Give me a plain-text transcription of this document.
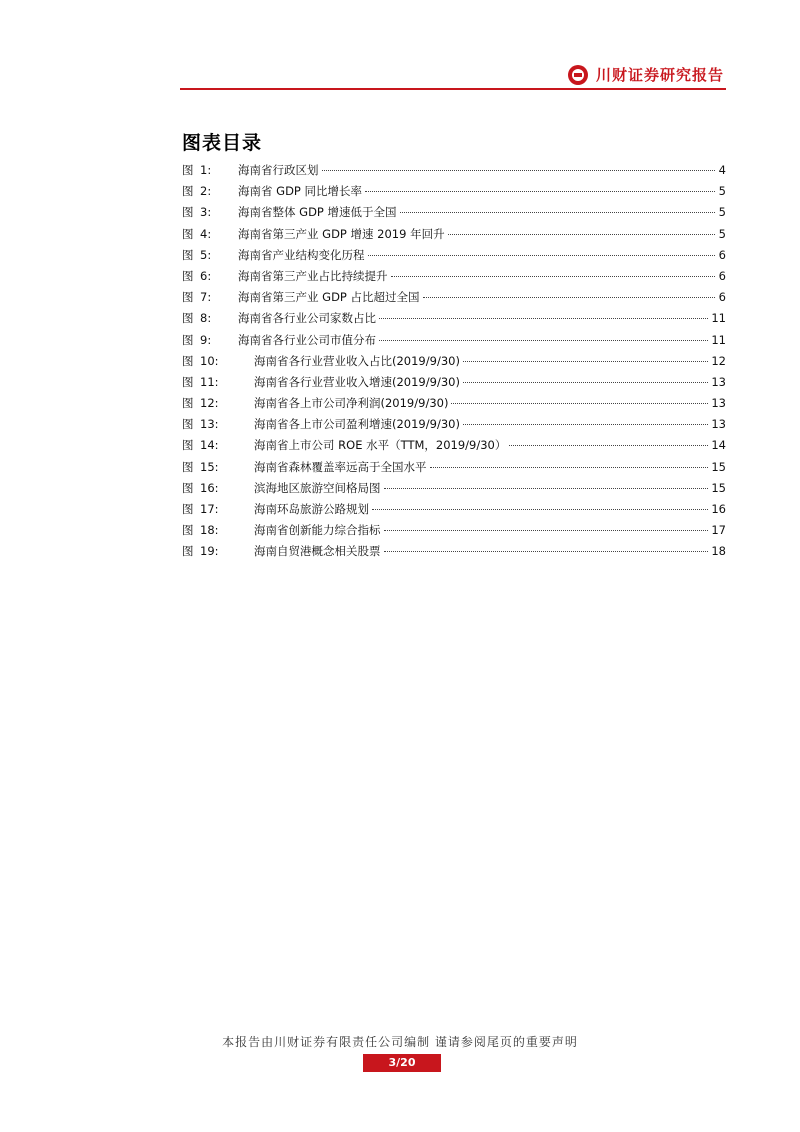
川财证券研究报告
图表目录
图 1:	海南省行政区划	4
图 2:	海南省 GDP 同比增长率	5
图 3:	海南省整体 GDP 增速低于全国	5
图 4:	海南省第三产业 GDP 增速 2019 年回升	5
图 5:	海南省产业结构变化历程	6
图 6:	海南省第三产业占比持续提升	6
图 7:	海南省第三产业 GDP 占比超过全国	6
图 8:	海南省各行业公司家数占比	11
图 9:	海南省各行业公司市值分布	11
图 10:	海南省各行业营业收入占比(2019/9/30)	12
图 11:	海南省各行业营业收入增速(2019/9/30)	13
图 12:	海南省各上市公司净利润(2019/9/30)	13
图 13:	海南省各上市公司盈利增速(2019/9/30)	13
图 14:	海南省上市公司 ROE 水平（TTM，2019/9/30）	14
图 15:	海南省森林覆盖率远高于全国水平	15
图 16:	滨海地区旅游空间格局图	15
图 17:	海南环岛旅游公路规划	16
图 18:	海南省创新能力综合指标	17
图 19:	海南自贸港概念相关股票	18
本报告由川财证券有限责任公司编制 谨请参阅尾页的重要声明
3/20
